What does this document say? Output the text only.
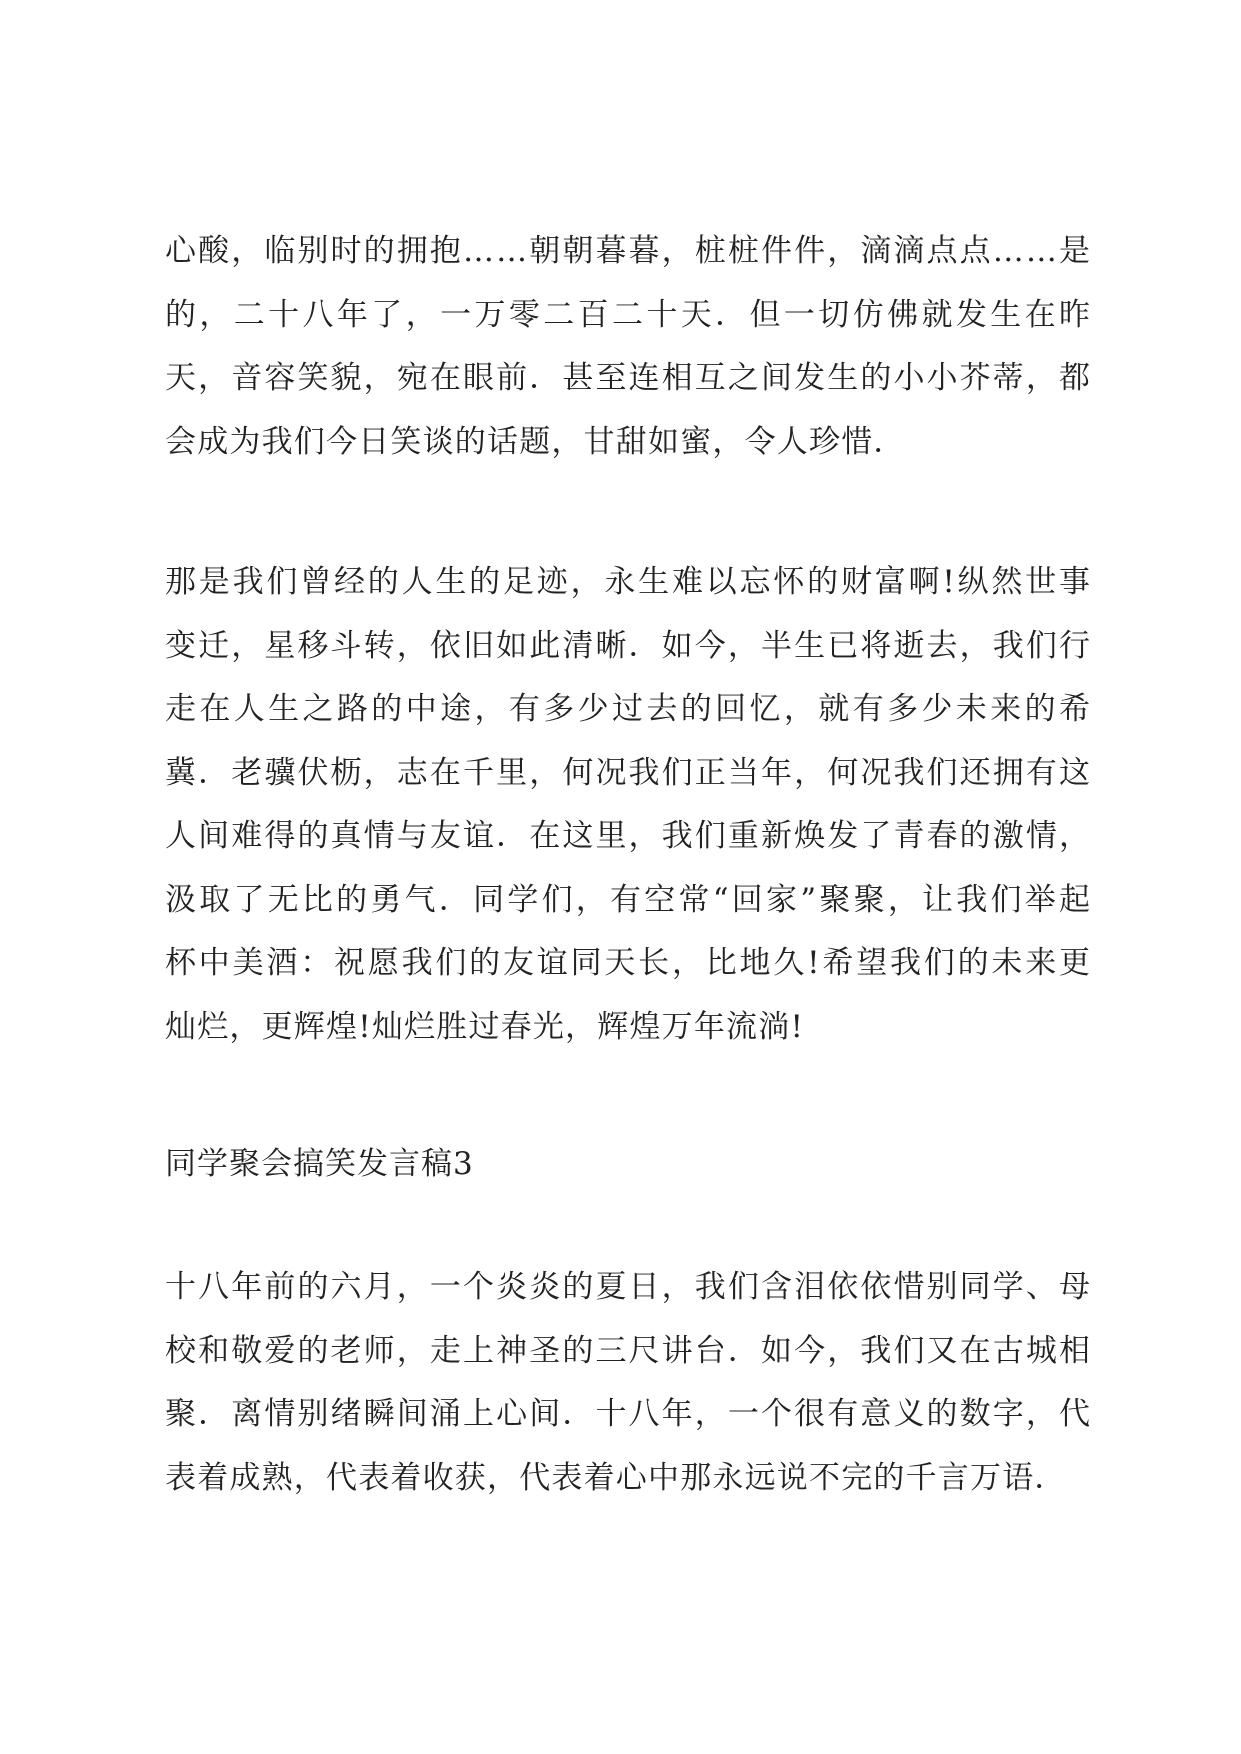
心酸，临别时的拥抱……朝朝暮暮，桩桩件件，滴滴点点……是
的，二十八年了，一万零二百二十天．但一切仿佛就发生在昨
天，音容笑貌，宛在眼前．甚至连相互之间发生的小小芥蒂，都
会成为我们今日笑谈的话题，甘甜如蜜，令人珍惜．
那是我们曾经的人生的足迹，永生难以忘怀的财富啊!纵然世事
变迁，星移斗转，依旧如此清晰．如今，半生已将逝去，我们行
走在人生之路的中途，有多少过去的回忆，就有多少未来的希
冀．老骥伏枥，志在千里，何况我们正当年，何况我们还拥有这
人间难得的真情与友谊．在这里，我们重新焕发了青春的激情，
汲取了无比的勇气．同学们，有空常“回家”聚聚，让我们举起
杯中美酒：祝愿我们的友谊同天长，比地久!希望我们的未来更
灿烂，更辉煌!灿烂胜过春光，辉煌万年流淌!
同学聚会搞笑发言稿3
十八年前的六月，一个炎炎的夏日，我们含泪依依惜别同学、母
校和敬爱的老师，走上神圣的三尺讲台．如今，我们又在古城相
聚．离情别绪瞬间涌上心间．十八年，一个很有意义的数字，代
表着成熟，代表着收获，代表着心中那永远说不完的千言万语．
